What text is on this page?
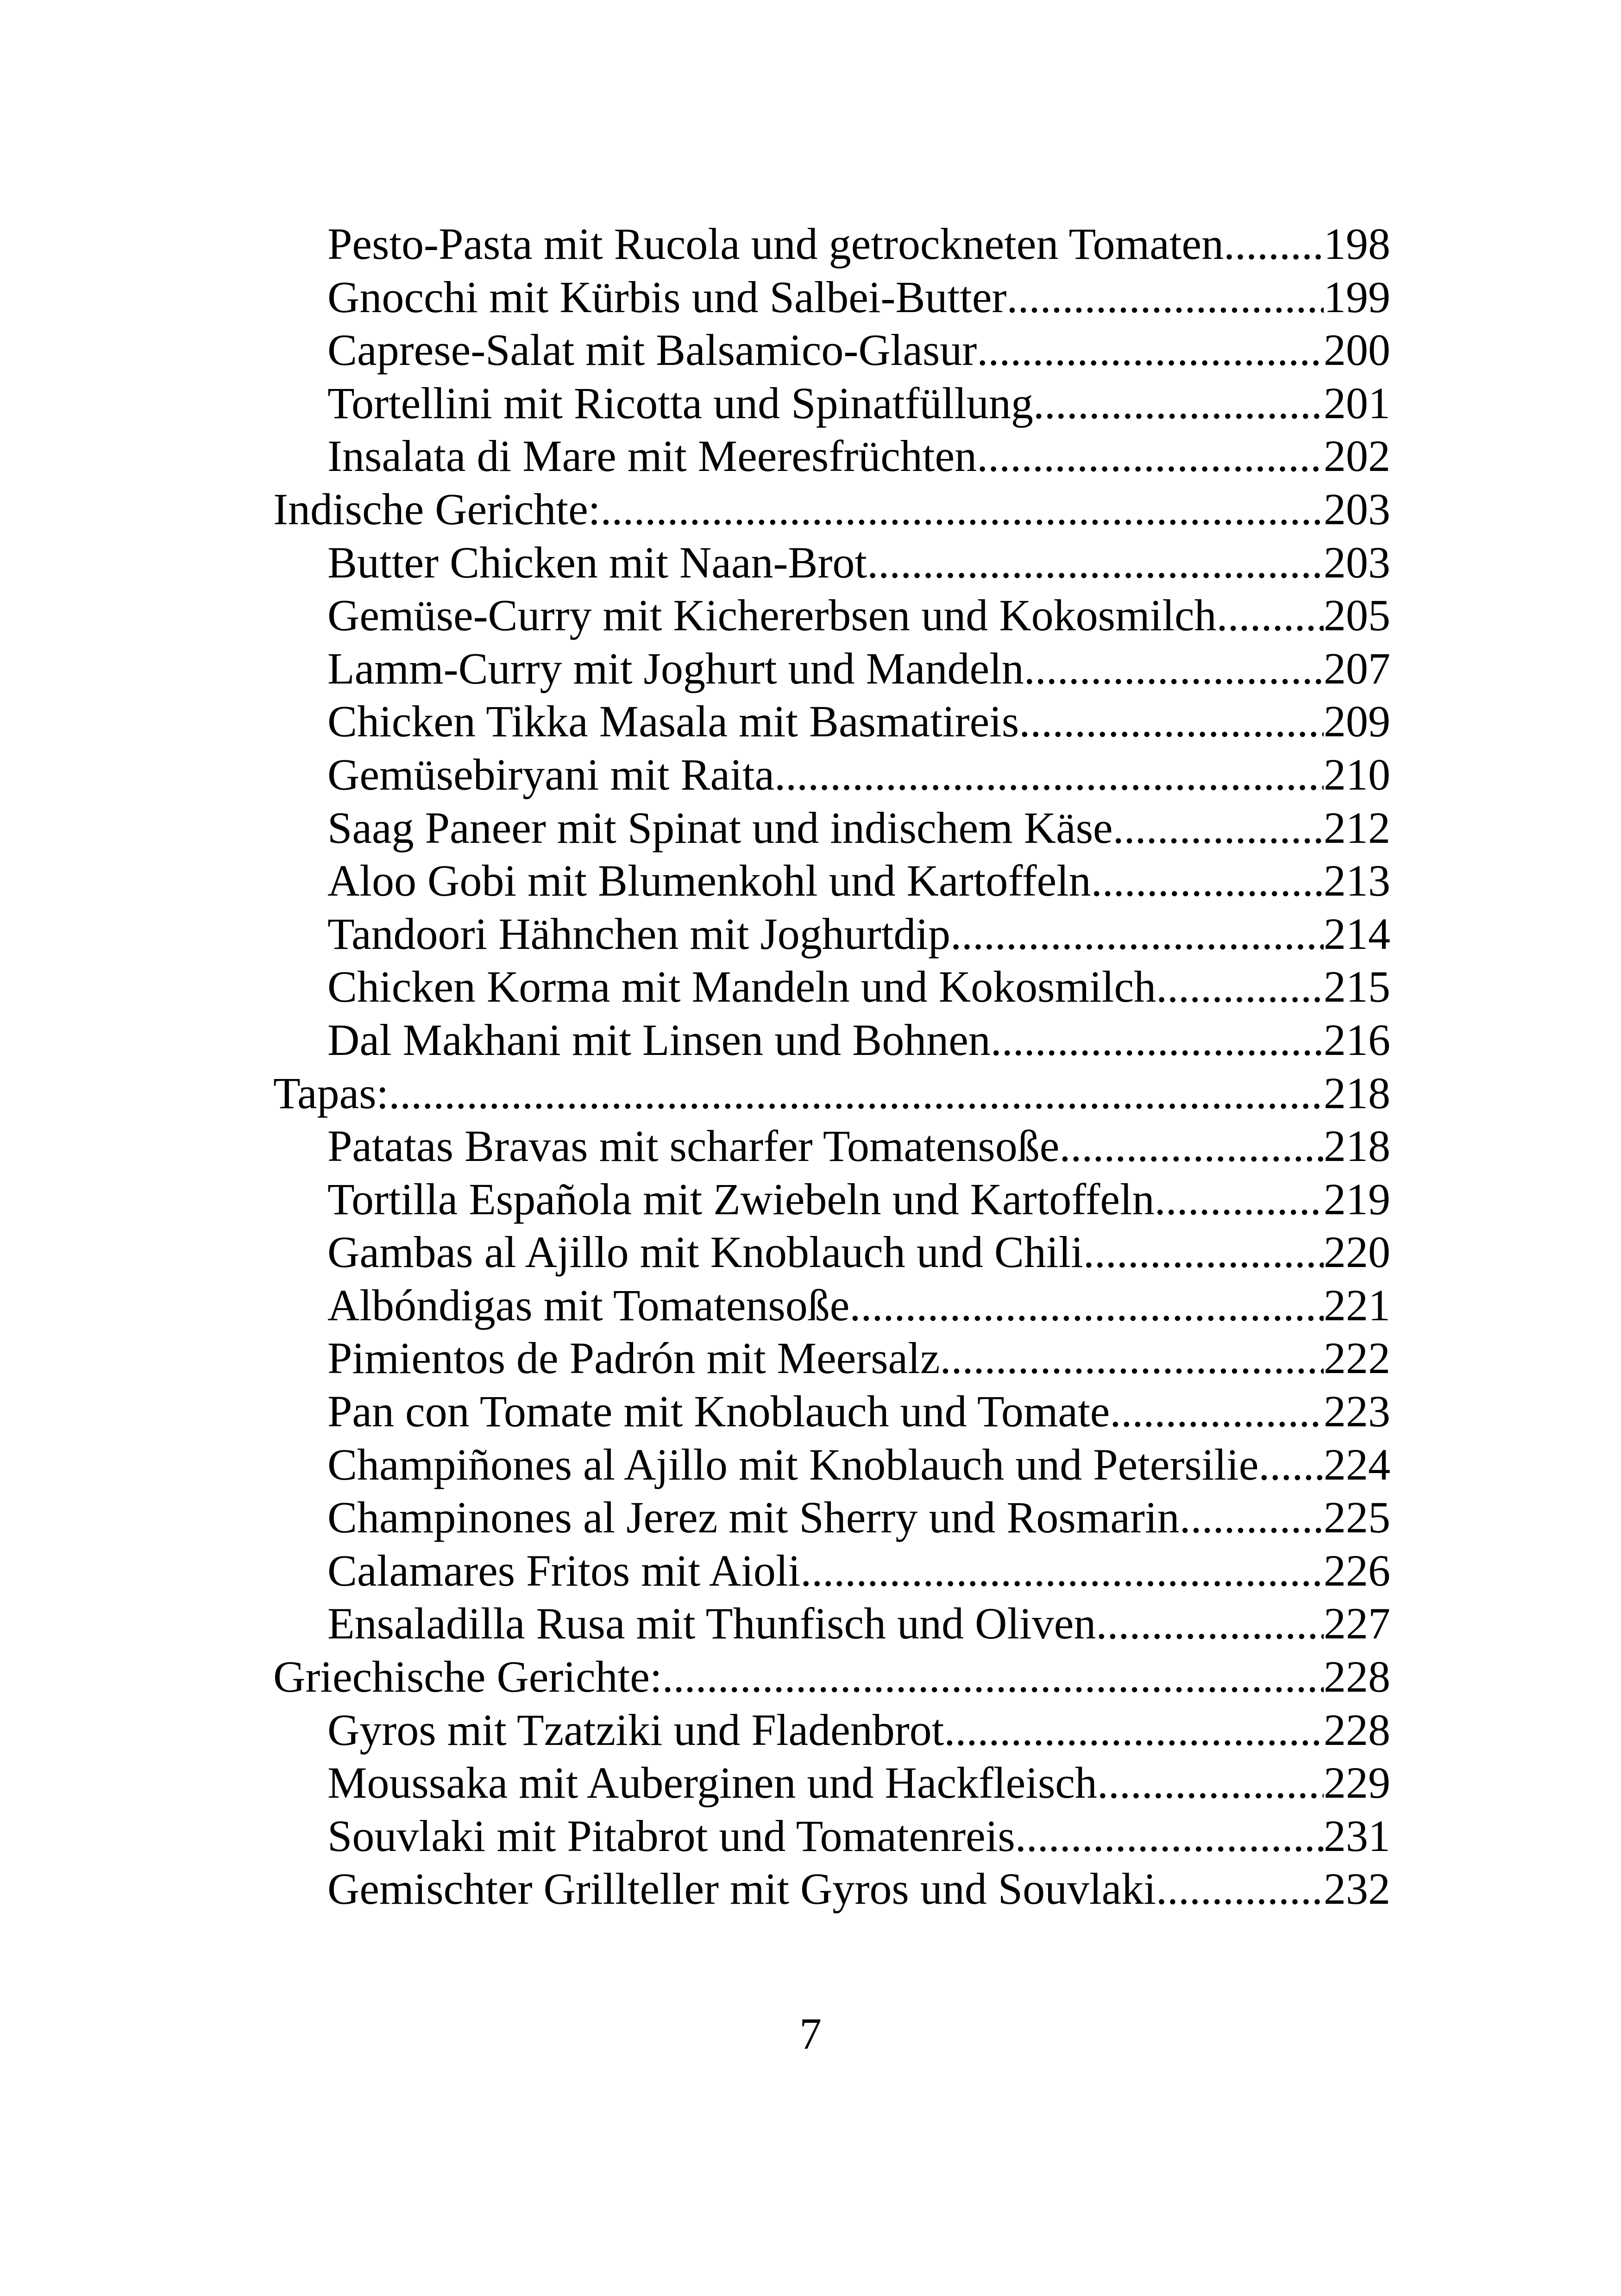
Pesto-Pasta mit Rucola und getrockneten Tomaten ..... 198
Gnocchi mit Kürbis und Salbei-Butter .....	199
Caprese-Salat mit Balsamico-Glasur .....	200
Tortellini mit Ricotta und Spinatfüllung .....	201
Insalata di Mare mit Meeresfrüchten .....	202
Indische Gerichte: .....	203
Butter Chicken mit Naan-Brot .....	203
Gemüse-Curry mit Kichererbsen und Kokosmilch ..... 205
Lamm-Curry mit Joghurt und Mandeln .....	207
Chicken Tikka Masala mit Basmatireis .....	209
Gemüsebiryani mit Raita .....	210
Saag Paneer mit Spinat und indischem Käse .....	212
Aloo Gobi mit Blumenkohl und Kartoffeln .....	213
Tandoori Hähnchen mit Joghurtdip .....	214
Chicken Korma mit Mandeln und Kokosmilch .....	215
Dal Makhani mit Linsen und Bohnen .....	216
Tapas: .....	218
Patatas Bravas mit scharfer Tomatensoße .....	218
Tortilla Española mit Zwiebeln und Kartoffeln .....	219
Gambas al Ajillo mit Knoblauch und Chili .....	220
Albóndigas mit Tomatensoße .....	221
Pimientos de Padrón mit Meersalz .....	222
Pan con Tomate mit Knoblauch und Tomate .....	223
Champiñones al Ajillo mit Knoblauch und Petersilie. ..... 224
Champinones al Jerez mit Sherry und Rosmarin .....	225
Calamares Fritos mit Aioli .....	226
Ensaladilla Rusa mit Thunfisch und Oliven .....	227
Griechische Gerichte: .....	228
Gyros mit Tzatziki und Fladenbrot .....	228
Moussaka mit Auberginen und Hackfleisch .....	229
Souvlaki mit Pitabrot und Tomatenreis .....	231
Gemischter Grillteller mit Gyros und Souvlaki .....	232
7
